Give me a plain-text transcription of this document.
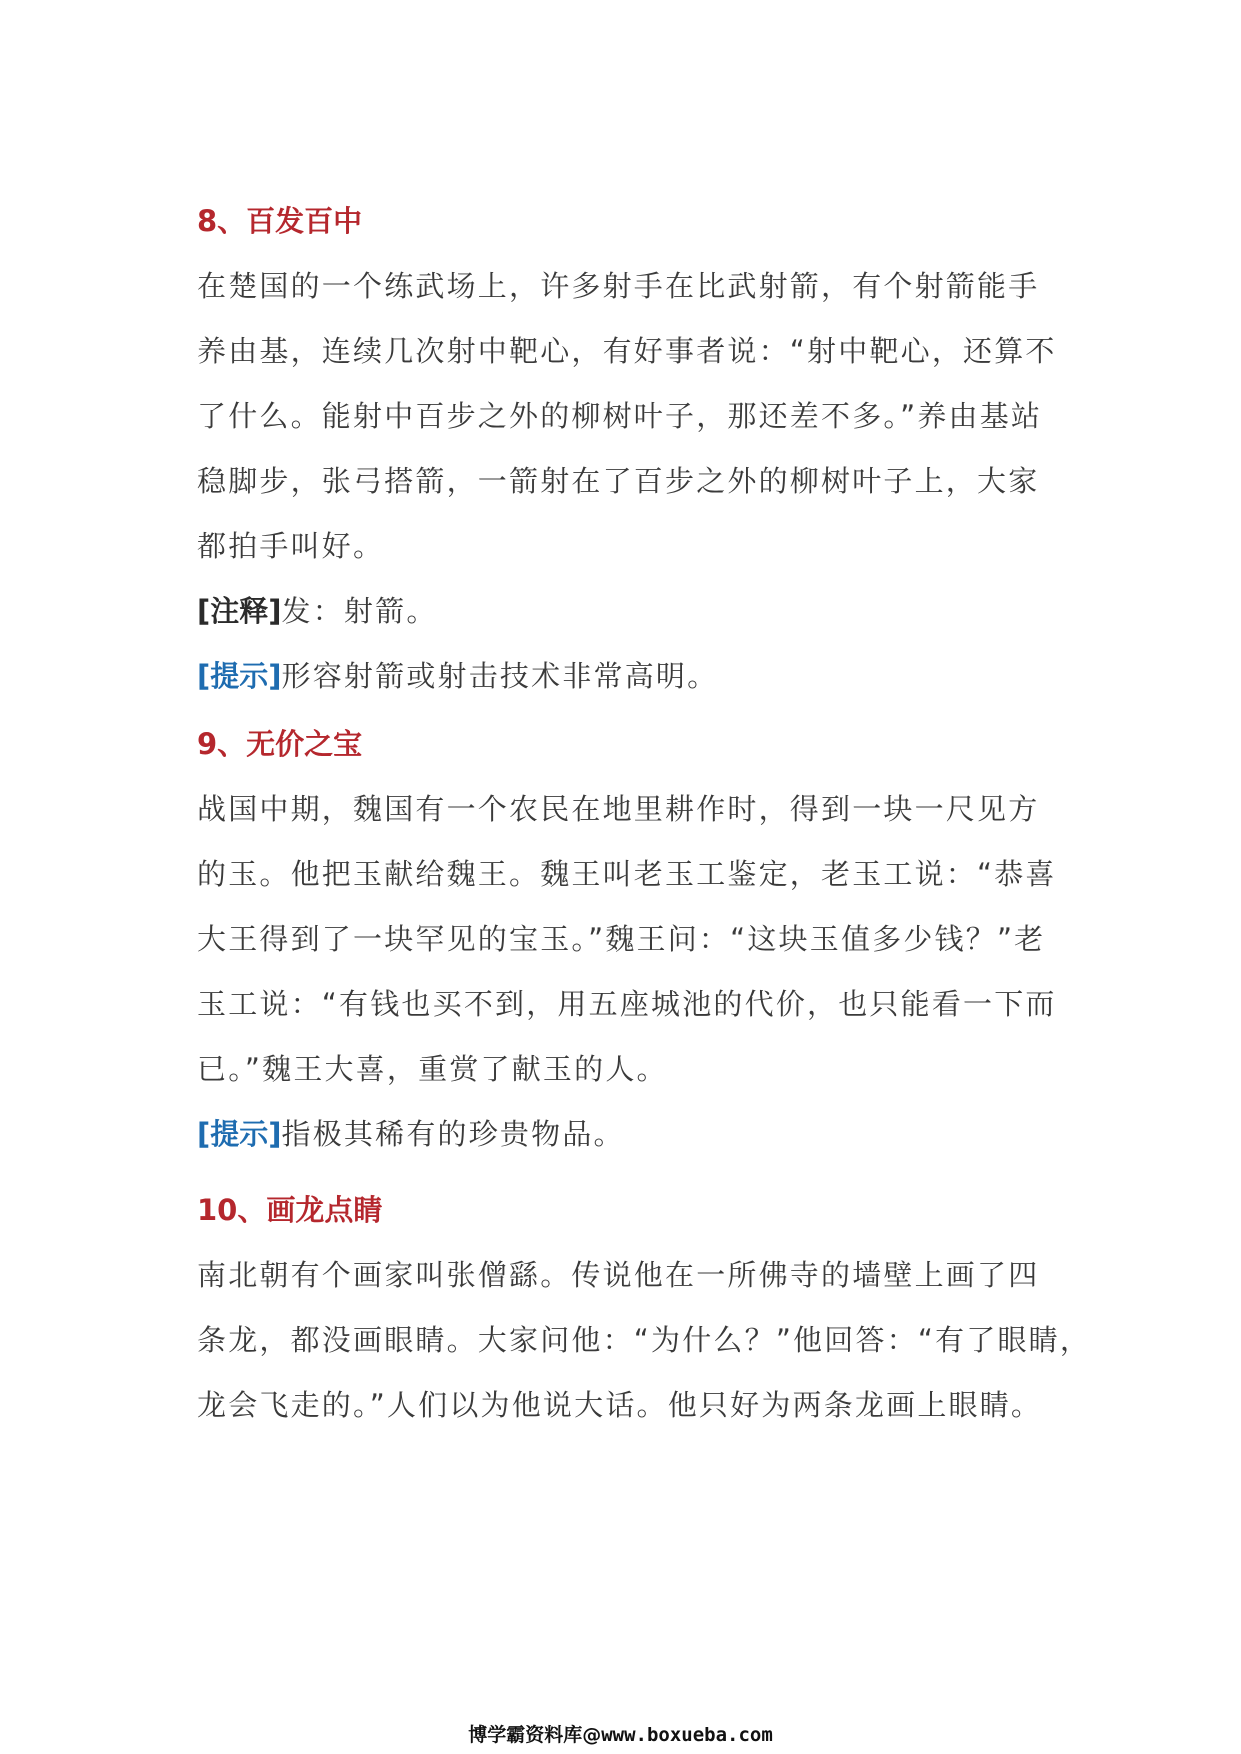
8、百发百中
在楚国的一个练武场上，许多射手在比武射箭，有个射箭能手
养由基，连续几次射中靶心，有好事者说：“射中靶心，还算不
了什么。能射中百步之外的柳树叶子，那还差不多。”养由基站
稳脚步，张弓搭箭，一箭射在了百步之外的柳树叶子上，大家
都拍手叫好。
[注释]发：射箭。
[提示]形容射箭或射击技术非常高明。
9、无价之宝
战国中期，魏国有一个农民在地里耕作时，得到一块一尺见方
的玉。他把玉献给魏王。魏王叫老玉工鉴定，老玉工说：“恭喜
大王得到了一块罕见的宝玉。”魏王问：“这块玉值多少钱？”老
玉工说：“有钱也买不到，用五座城池的代价，也只能看一下而
已。”魏王大喜，重赏了献玉的人。
[提示]指极其稀有的珍贵物品。
10、画龙点睛
南北朝有个画家叫张僧繇。传说他在一所佛寺的墙壁上画了四
条龙，都没画眼睛。大家问他：“为什么？”他回答：“有了眼睛，
龙会飞走的。”人们以为他说大话。他只好为两条龙画上眼睛。
博学霸资料库@www.boxueba.com
